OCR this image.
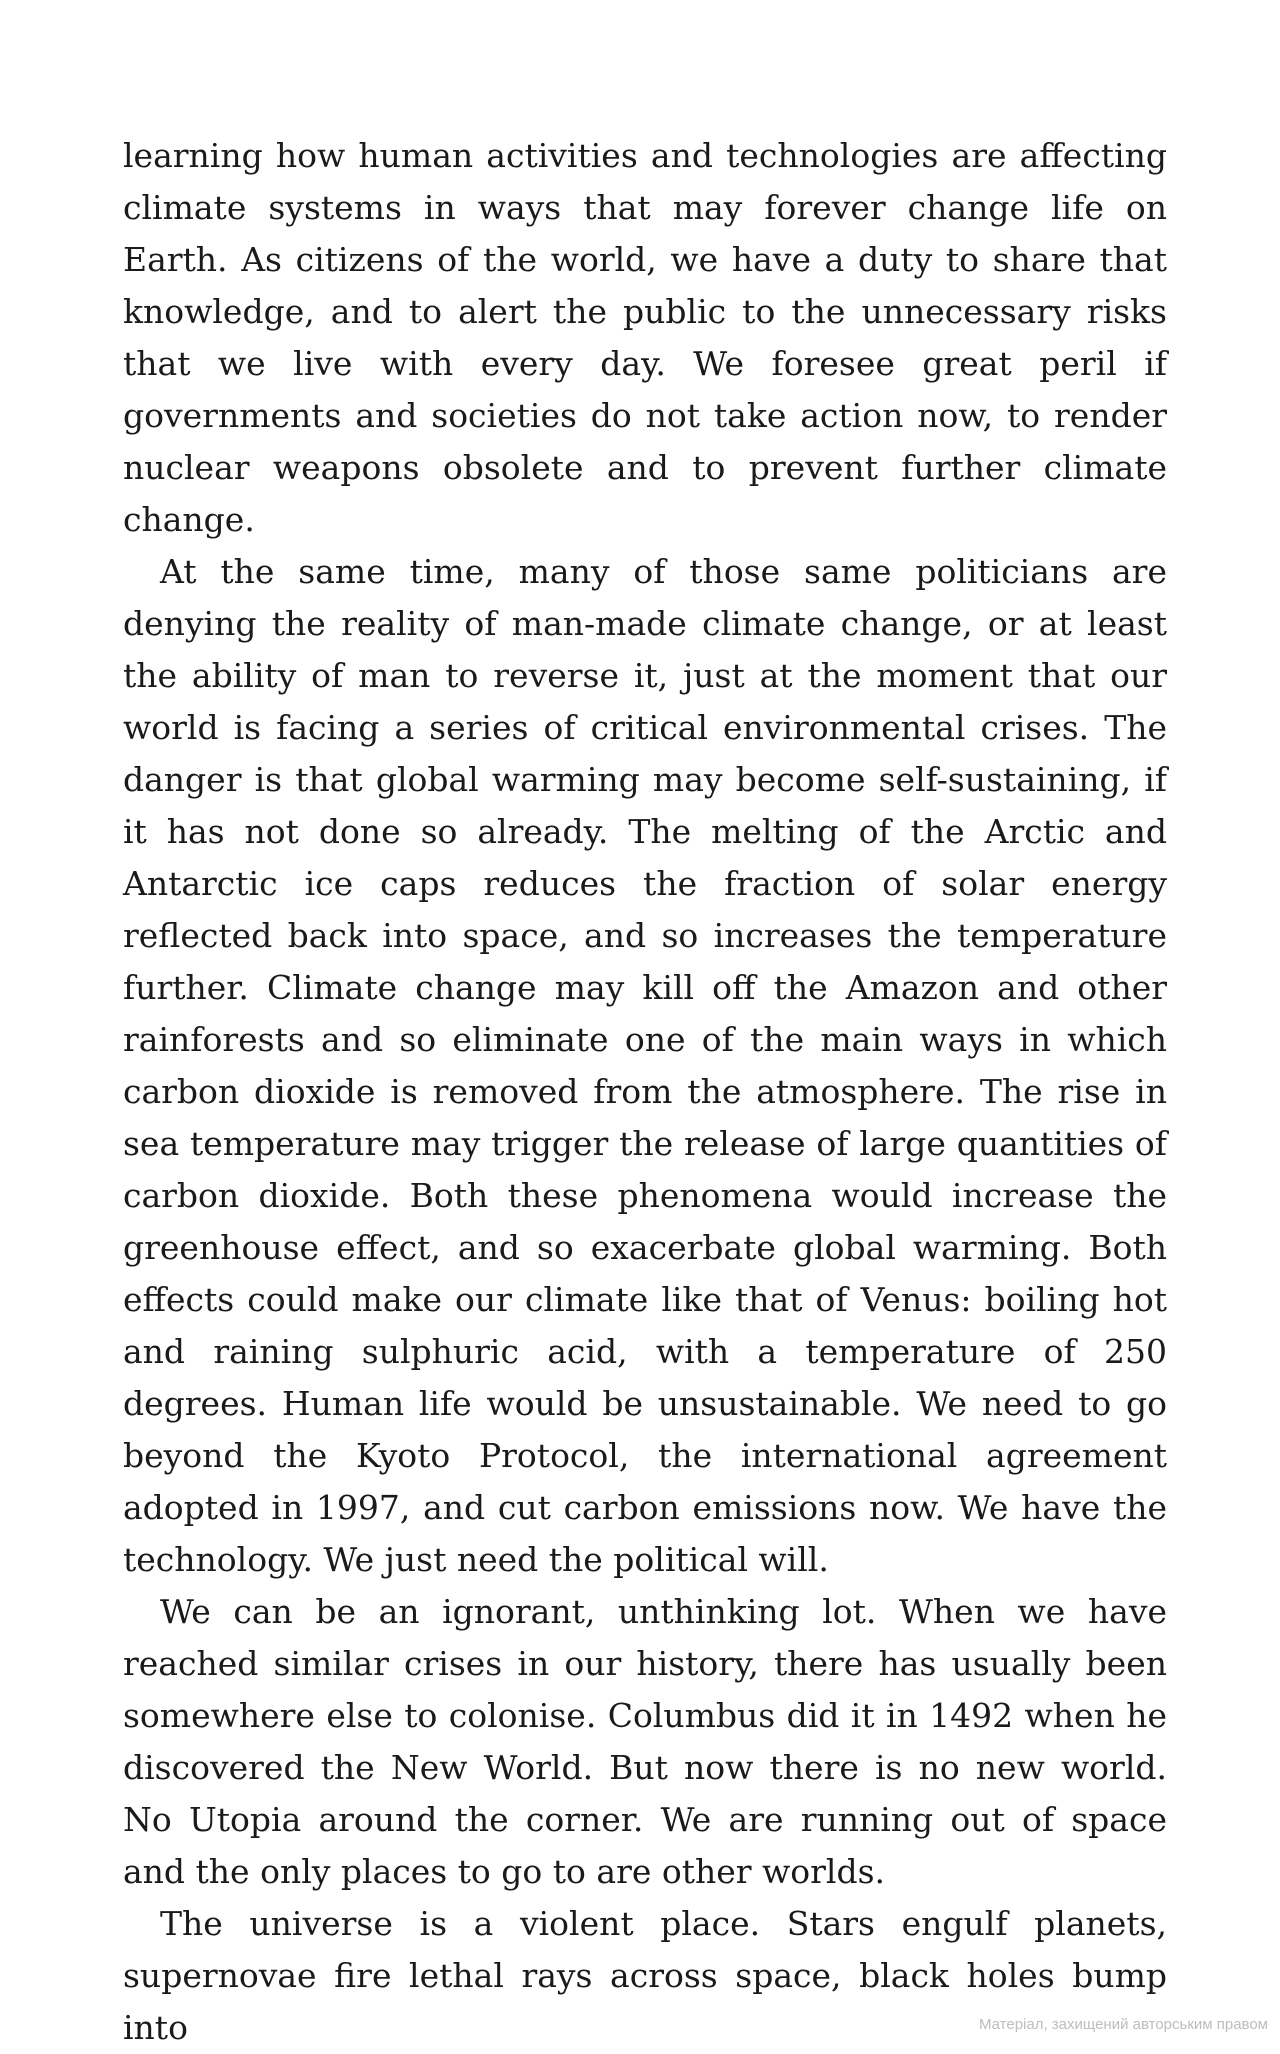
learning how human activities and technologies are affecting climate systems in ways that may forever change life on Earth. As citizens of the world, we have a duty to share that knowledge, and to alert the public to the unnecessary risks that we live with every day. We foresee great peril if governments and societies do not take action now, to render nuclear weapons obsolete and to prevent further climate change.

At the same time, many of those same politicians are denying the reality of man-made climate change, or at least the ability of man to reverse it, just at the moment that our world is facing a series of critical environmental crises. The danger is that global warming may become self-sustaining, if it has not done so already. The melting of the Arctic and Antarctic ice caps reduces the fraction of solar energy reflected back into space, and so increases the temperature further. Climate change may kill off the Amazon and other rainforests and so eliminate one of the main ways in which carbon dioxide is removed from the atmosphere. The rise in sea temperature may trigger the release of large quantities of carbon dioxide. Both these phenomena would increase the greenhouse effect, and so exacerbate global warming. Both effects could make our climate like that of Venus: boiling hot and raining sulphuric acid, with a temperature of 250 degrees. Human life would be unsustainable. We need to go beyond the Kyoto Protocol, the international agreement adopted in 1997, and cut carbon emissions now. We have the technology. We just need the political will.

We can be an ignorant, unthinking lot. When we have reached similar crises in our history, there has usually been somewhere else to colonise. Columbus did it in 1492 when he discovered the New World. But now there is no new world. No Utopia around the corner. We are running out of space and the only places to go to are other worlds.

The universe is a violent place. Stars engulf planets, supernovae fire lethal rays across space, black holes bump into	Матеріал, захищений авторським правом
